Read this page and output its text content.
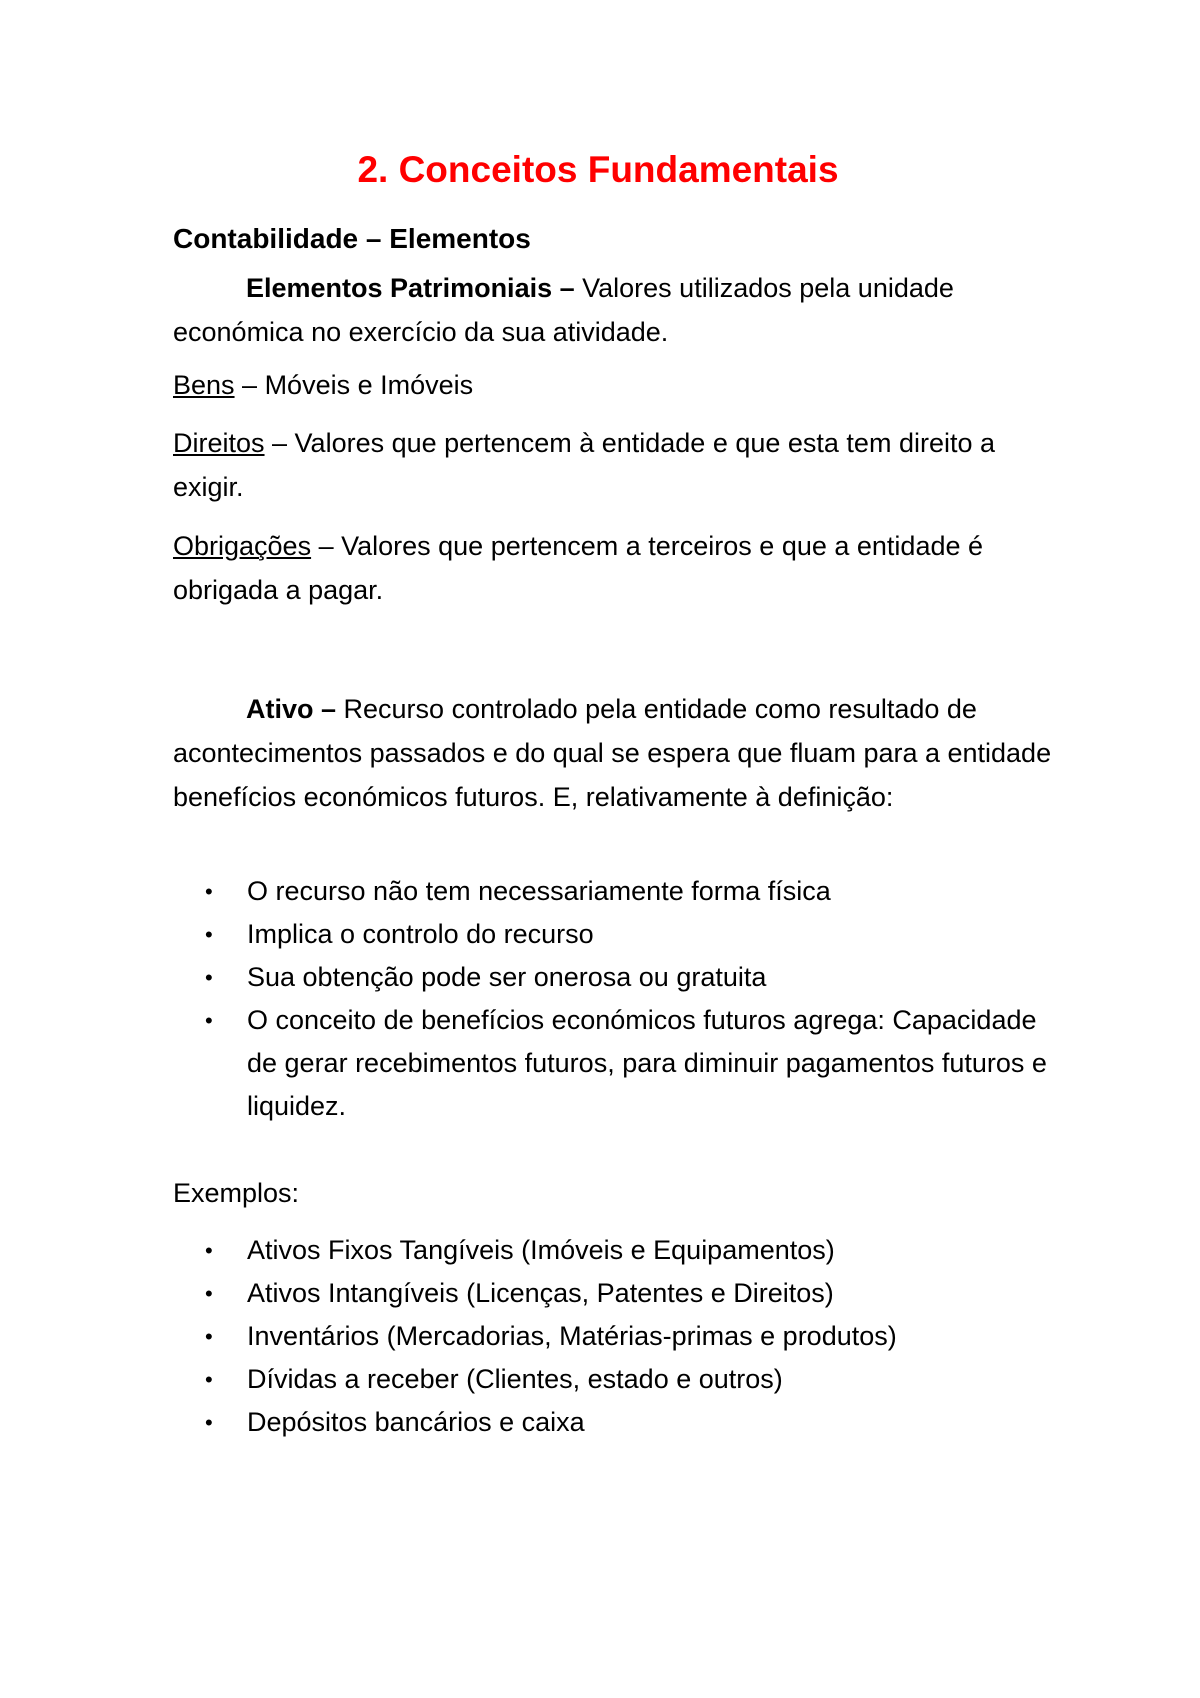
2. Conceitos Fundamentais
Contabilidade – Elementos

Elementos Patrimoniais – Valores utilizados pela unidade económica no exercício da sua atividade.

Bens – Móveis e Imóveis

Direitos – Valores que pertencem à entidade e que esta tem direito a exigir.

Obrigações – Valores que pertencem a terceiros e que a entidade é obrigada a pagar.

Ativo – Recurso controlado pela entidade como resultado de acontecimentos passados e do qual se espera que fluam para a entidade benefícios económicos futuros. E, relativamente à definição:

• O recurso não tem necessariamente forma física
• Implica o controlo do recurso
• Sua obtenção pode ser onerosa ou gratuita
• O conceito de benefícios económicos futuros agrega: Capacidade de gerar recebimentos futuros, para diminuir pagamentos futuros e liquidez.

Exemplos:

• Ativos Fixos Tangíveis (Imóveis e Equipamentos)
• Ativos Intangíveis (Licenças, Patentes e Direitos)
• Inventários (Mercadorias, Matérias-primas e produtos)
• Dívidas a receber (Clientes, estado e outros)
• Depósitos bancários e caixa
